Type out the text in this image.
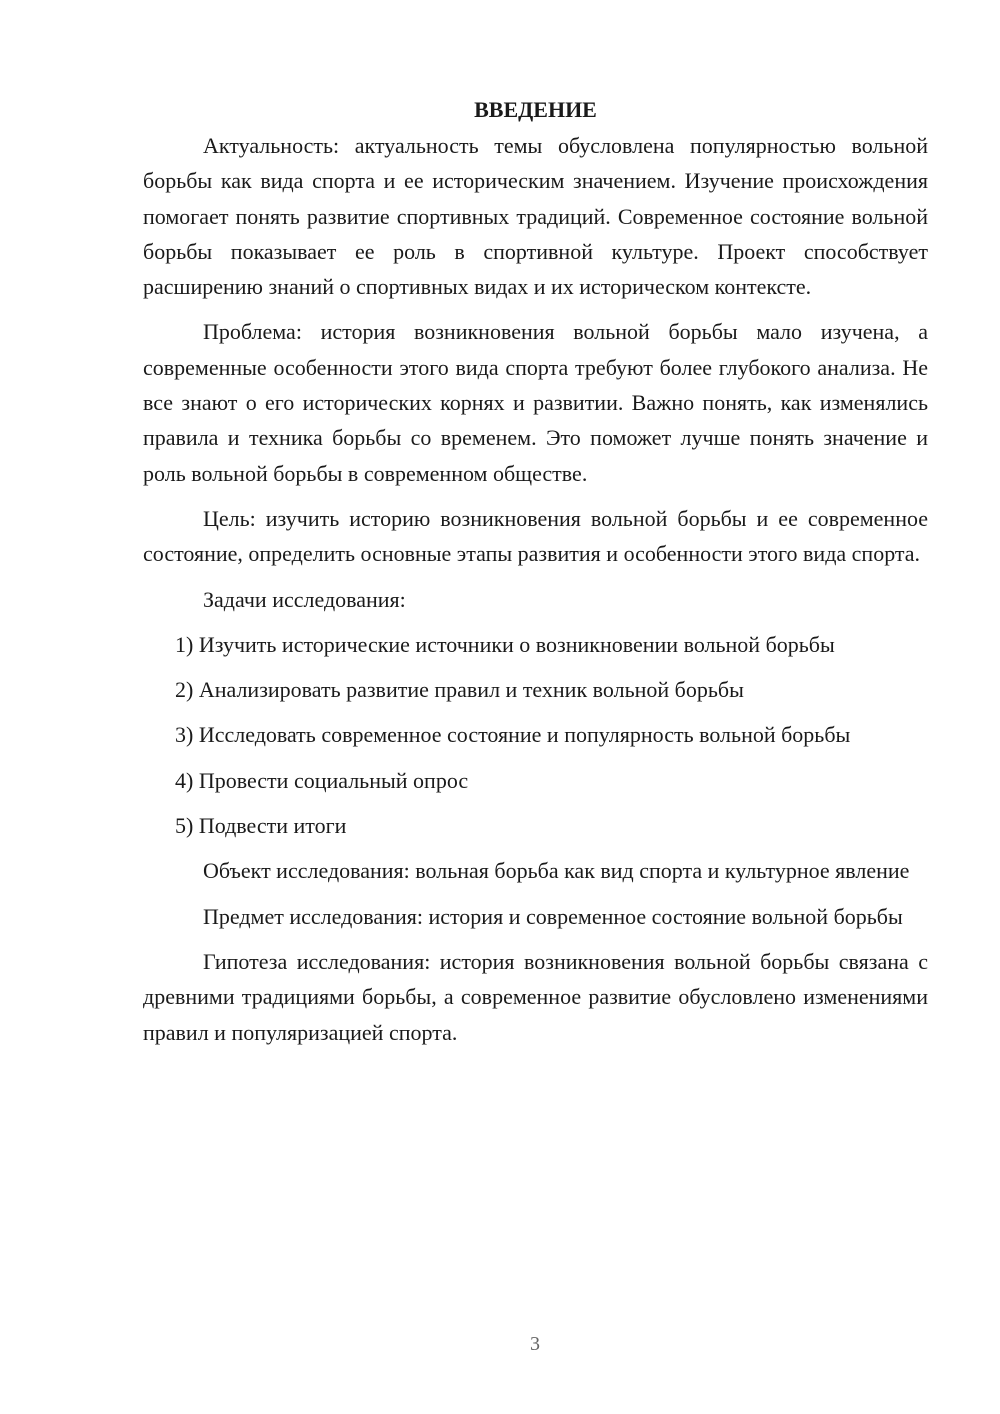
ВВЕДЕНИЕ

Актуальность: актуальность темы обусловлена популярностью вольной борьбы как вида спорта и ее историческим значением. Изучение происхождения помогает понять развитие спортивных традиций. Современное состояние вольной борьбы показывает ее роль в спортивной культуре. Проект способствует расширению знаний о спортивных видах и их историческом контексте.

Проблема: история возникновения вольной борьбы мало изучена, а современные особенности этого вида спорта требуют более глубокого анализа. Не все знают о его исторических корнях и развитии. Важно понять, как изменялись правила и техника борьбы со временем. Это поможет лучше понять значение и роль вольной борьбы в современном обществе.

Цель: изучить историю возникновения вольной борьбы и ее современное состояние, определить основные этапы развития и особенности этого вида спорта.

Задачи исследования:

1) Изучить исторические источники о возникновении вольной борьбы

2) Анализировать развитие правил и техник вольной борьбы

3) Исследовать современное состояние и популярность вольной борьбы

4) Провести социальный опрос

5) Подвести итоги

Объект исследования: вольная борьба как вид спорта и культурное явление

Предмет исследования: история и современное состояние вольной борьбы

Гипотеза исследования: история возникновения вольной борьбы связана с древними традициями борьбы, а современное развитие обусловлено изменениями правил и популяризацией спорта.

3
